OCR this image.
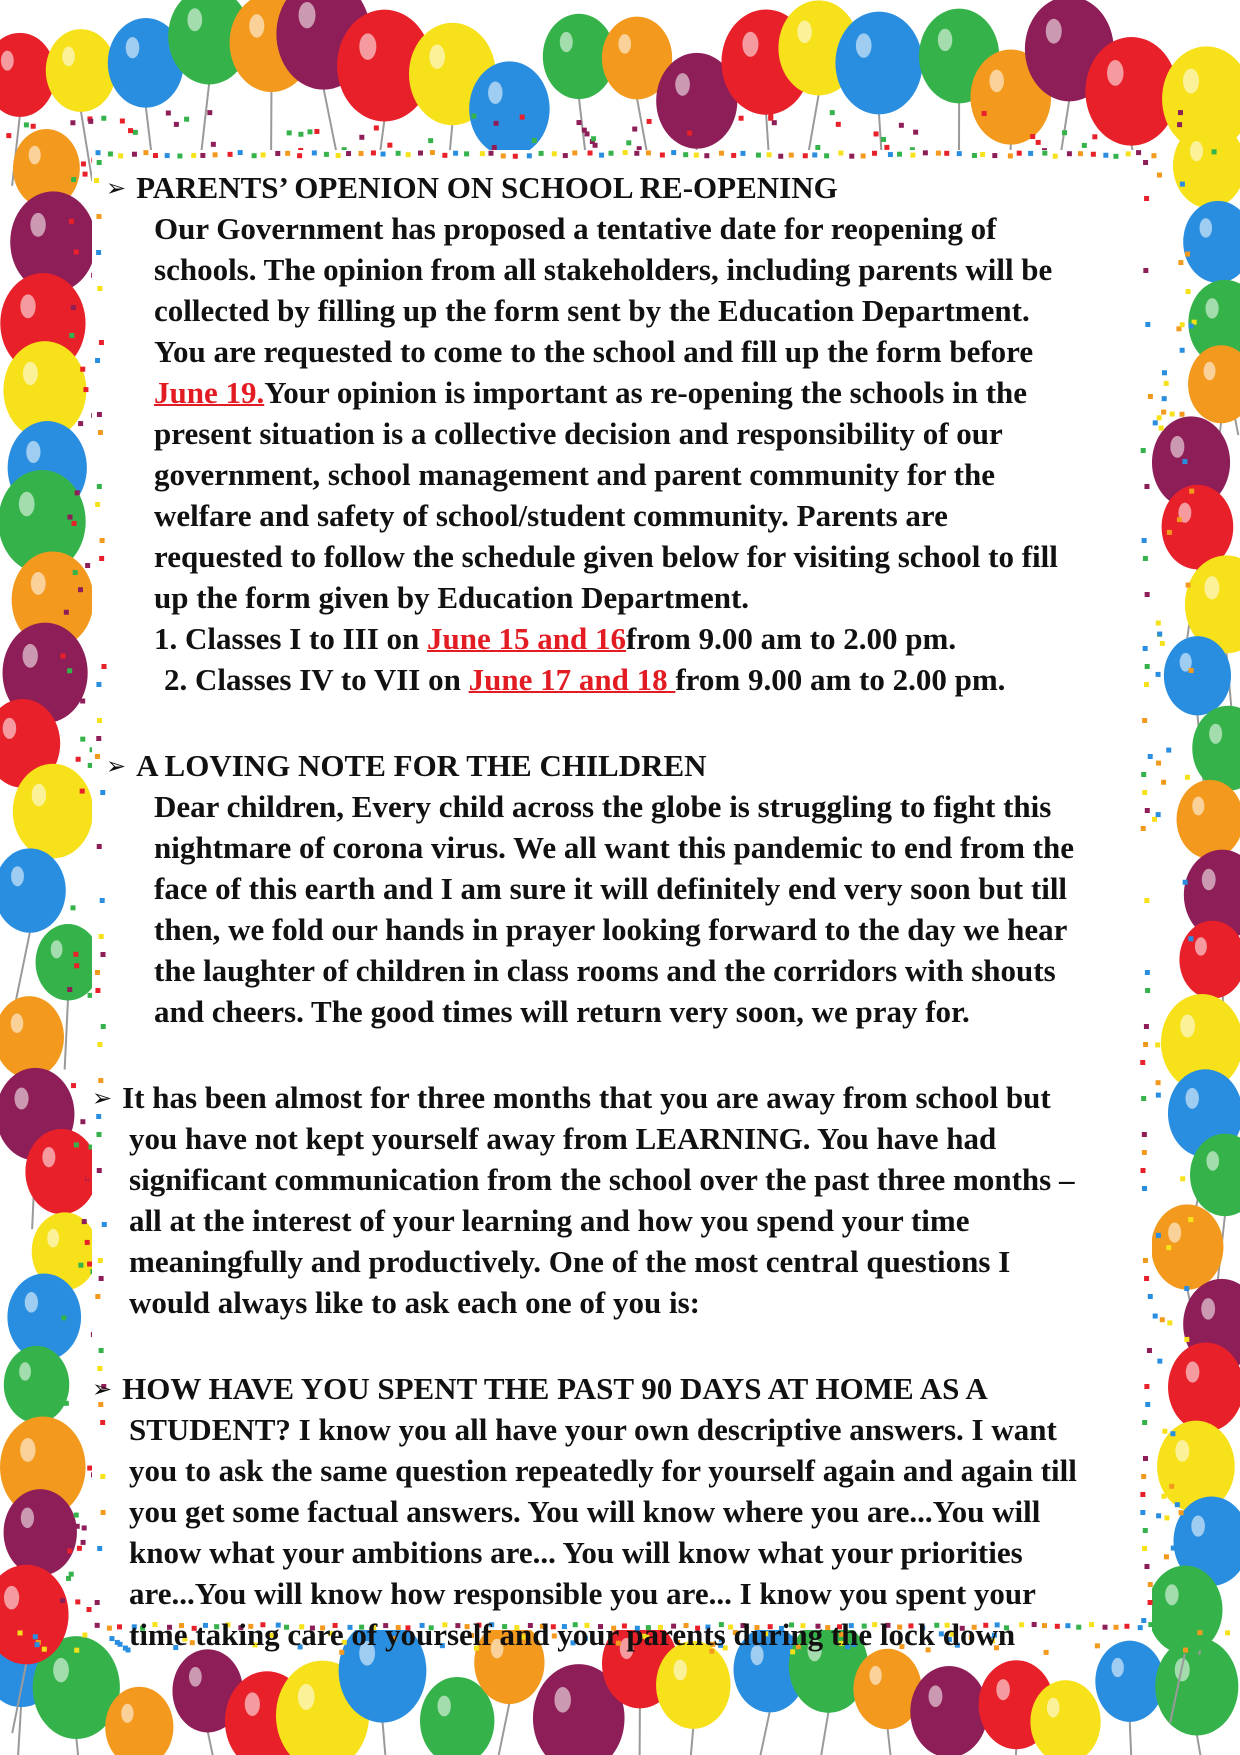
➢ PARENTS’ OPENION ON SCHOOL RE-OPENING
Our Government has proposed a tentative date for reopening of
schools. The opinion from all stakeholders, including parents will be
collected by filling up the form sent by the Education Department.
You are requested to come to the school and fill up the form before
June 19.Your opinion is important as re-opening the schools in the
present situation is a collective decision and responsibility of our
government, school management and parent community for the
welfare and safety of school/student community. Parents are
requested to follow the schedule given below for visiting school to fill
up the form given by Education Department.
1. Classes I to III on June 15 and 16from 9.00 am to 2.00 pm.
2. Classes IV to VII on June 17 and 18 from 9.00 am to 2.00 pm.
➢ A LOVING NOTE FOR THE CHILDREN
Dear children, Every child across the globe is struggling to fight this
nightmare of corona virus. We all want this pandemic to end from the
face of this earth and I am sure it will definitely end very soon but till
then, we fold our hands in prayer looking forward to the day we hear
the laughter of children in class rooms and the corridors with shouts
and cheers. The good times will return very soon, we pray for.
➢ It has been almost for three months that you are away from school but
you have not kept yourself away from LEARNING. You have had
significant communication from the school over the past three months –
all at the interest of your learning and how you spend your time
meaningfully and productively. One of the most central questions I
would always like to ask each one of you is:
➢ HOW HAVE YOU SPENT THE PAST 90 DAYS AT HOME AS A
STUDENT? I know you all have your own descriptive answers. I want
you to ask the same question repeatedly for yourself again and again till
you get some factual answers. You will know where you are...You will
know what your ambitions are... You will know what your priorities
are...You will know how responsible you are... I know you spent your
time taking care of yourself and your parents during the lock down
